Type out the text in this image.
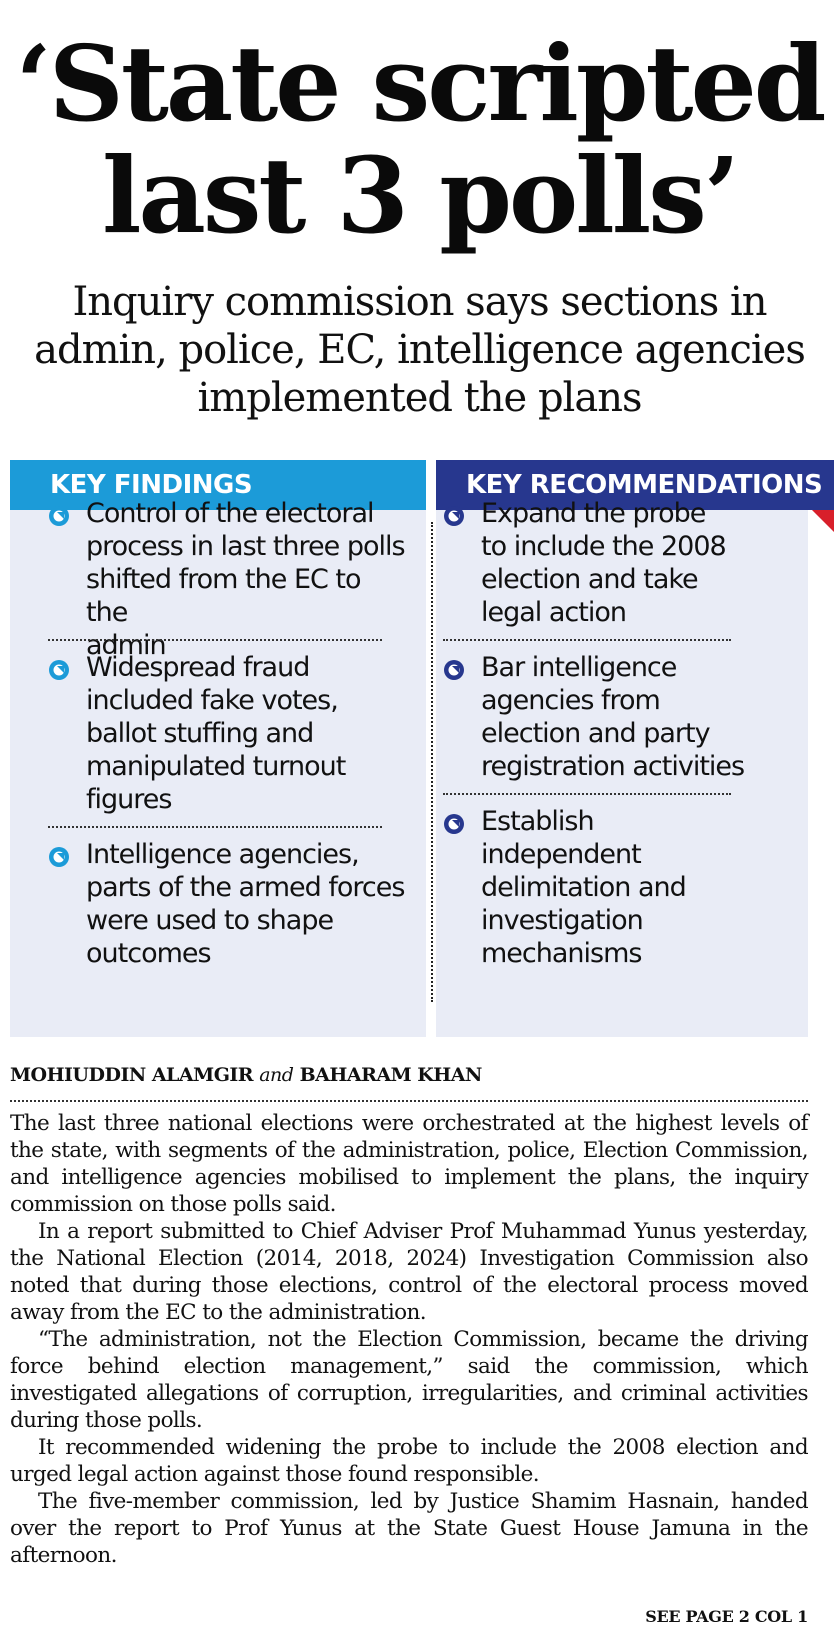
‘State scripted
last 3 polls’
Inquiry commission says sections in
admin, police, EC, intelligence agencies
implemented the plans
KEY FINDINGS	KEY RECOMMENDATIONS
Control of the electoral
process in last three polls
shifted from the EC to the
admin
Widespread fraud
included fake votes,
ballot stuffing and
manipulated turnout
figures
Intelligence agencies,
parts of the armed forces
were used to shape
outcomes
Expand the probe
to include the 2008
election and take
legal action
Bar intelligence
agencies from
election and party
registration activities
Establish
independent
delimitation and
investigation
mechanisms

MOHIUDDIN ALAMGIR and BAHARAM KHAN

The last three national elections were orchestrated at the highest levels of the state, with segments of the administration, police, Election Commission, and intelligence agencies mobilised to implement the plans, the inquiry commission on those polls said.

In a report submitted to Chief Adviser Prof Muhammad Yunus yesterday, the National Election (2014, 2018, 2024) Investigation Commission also noted that during those elections, control of the electoral process moved away from the EC to the administration.

“The administration, not the Election Commission, became the driving force behind election management,” said the commission, which investigated allegations of corruption, irregularities, and criminal activities during those polls.

It recommended widening the probe to include the 2008 election and urged legal action against those found responsible.

The five-member commission, led by Justice Shamim Hasnain, handed over the report to Prof Yunus at the State Guest House Jamuna in the afternoon.

SEE PAGE 2 COL 1
